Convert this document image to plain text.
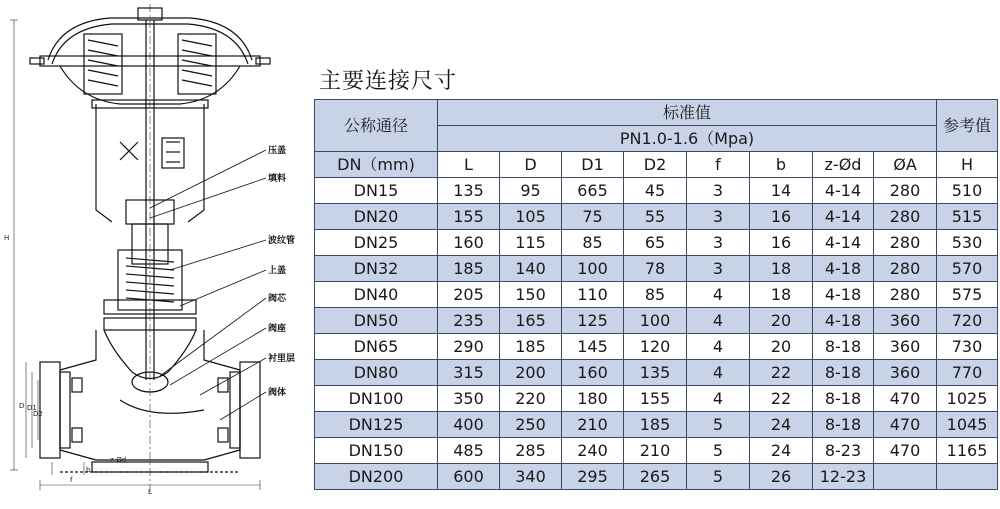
压盖
填料
波纹管
上盖
阀芯
阀座
衬里层
阀体
H
D D1
D2
b
f
z-Ød
L
主要连接尺寸
公称通径	标准值								参考值
	PN1.0-1.6（Mpa)								
DN（mm)	L	D	D1	D2	f	b	z-Ød	ØA	H
DN15	135	95	665	45	3	14	4-14	280	510
DN20	155	105	75	55	3	16	4-14	280	515
DN25	160	115	85	65	3	16	4-14	280	530
DN32	185	140	100	78	3	18	4-18	280	570
DN40	205	150	110	85	4	18	4-18	280	575
DN50	235	165	125	100	4	20	4-18	360	720
DN65	290	185	145	120	4	20	8-18	360	730
DN80	315	200	160	135	4	22	8-18	360	770
DN100	350	220	180	155	4	22	8-18	470	1025
DN125	400	250	210	185	5	24	8-18	470	1045
DN150	485	285	240	210	5	24	8-23	470	1165
DN200	600	340	295	265	5	26	12-23		
